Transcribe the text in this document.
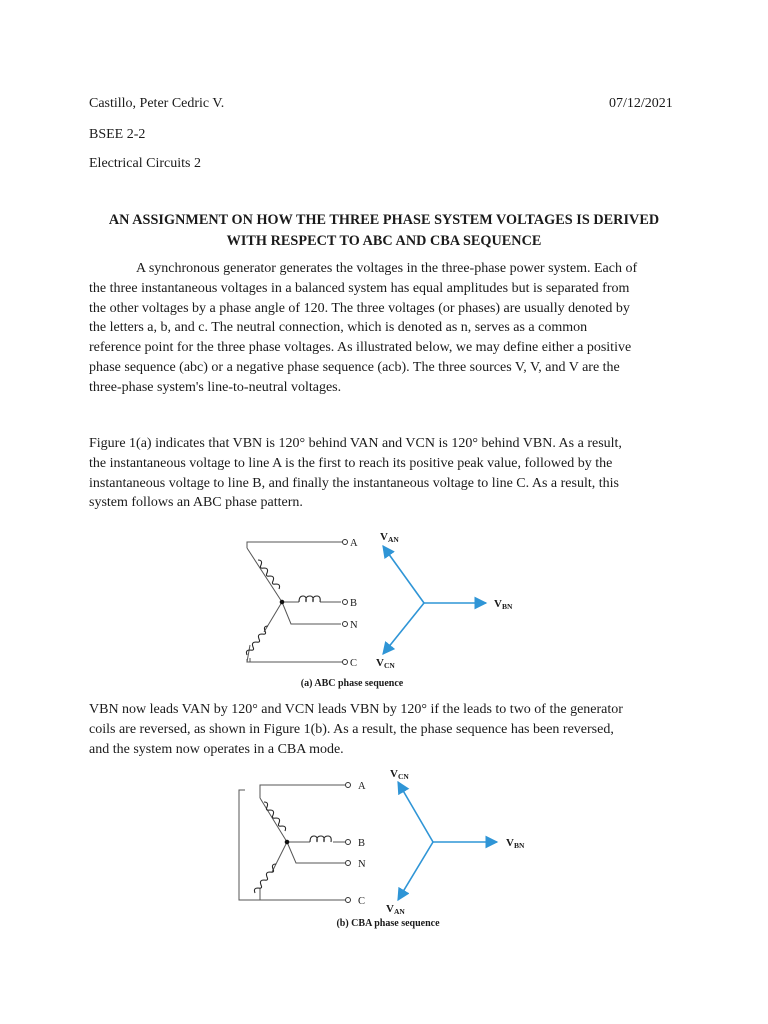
Castillo, Peter Cedric V.	07/12/2021
BSEE 2-2
Electrical Circuits 2
AN ASSIGNMENT ON HOW THE THREE PHASE SYSTEM VOLTAGES IS DERIVED
WITH RESPECT TO ABC AND CBA SEQUENCE
A synchronous generator generates the voltages in the three-phase power system. Each of
the three instantaneous voltages in a balanced system has equal amplitudes but is separated from
the other voltages by a phase angle of 120. The three voltages (or phases) are usually denoted by
the letters a, b, and c. The neutral connection, which is denoted as n, serves as a common
reference point for the three phase voltages. As illustrated below, we may define either a positive
phase sequence (abc) or a negative phase sequence (acb). The three sources V, V, and V are the
three-phase system's line-to-neutral voltages.
Figure 1(a) indicates that VBN is 120° behind VAN and VCN is 120° behind VBN. As a result,
the instantaneous voltage to line A is the first to reach its positive peak value, followed by the
instantaneous voltage to line B, and finally the instantaneous voltage to line C. As a result, this
system follows an ABC phase pattern.
A
B
N
C
VAN
VBN
VCN
(a) ABC phase sequence
VBN now leads VAN by 120° and VCN leads VBN by 120° if the leads to two of the generator
coils are reversed, as shown in Figure 1(b). As a result, the phase sequence has been reversed,
and the system now operates in a CBA mode.
A
B
N
C
VCN
VBN
VAN
(b) CBA phase sequence
